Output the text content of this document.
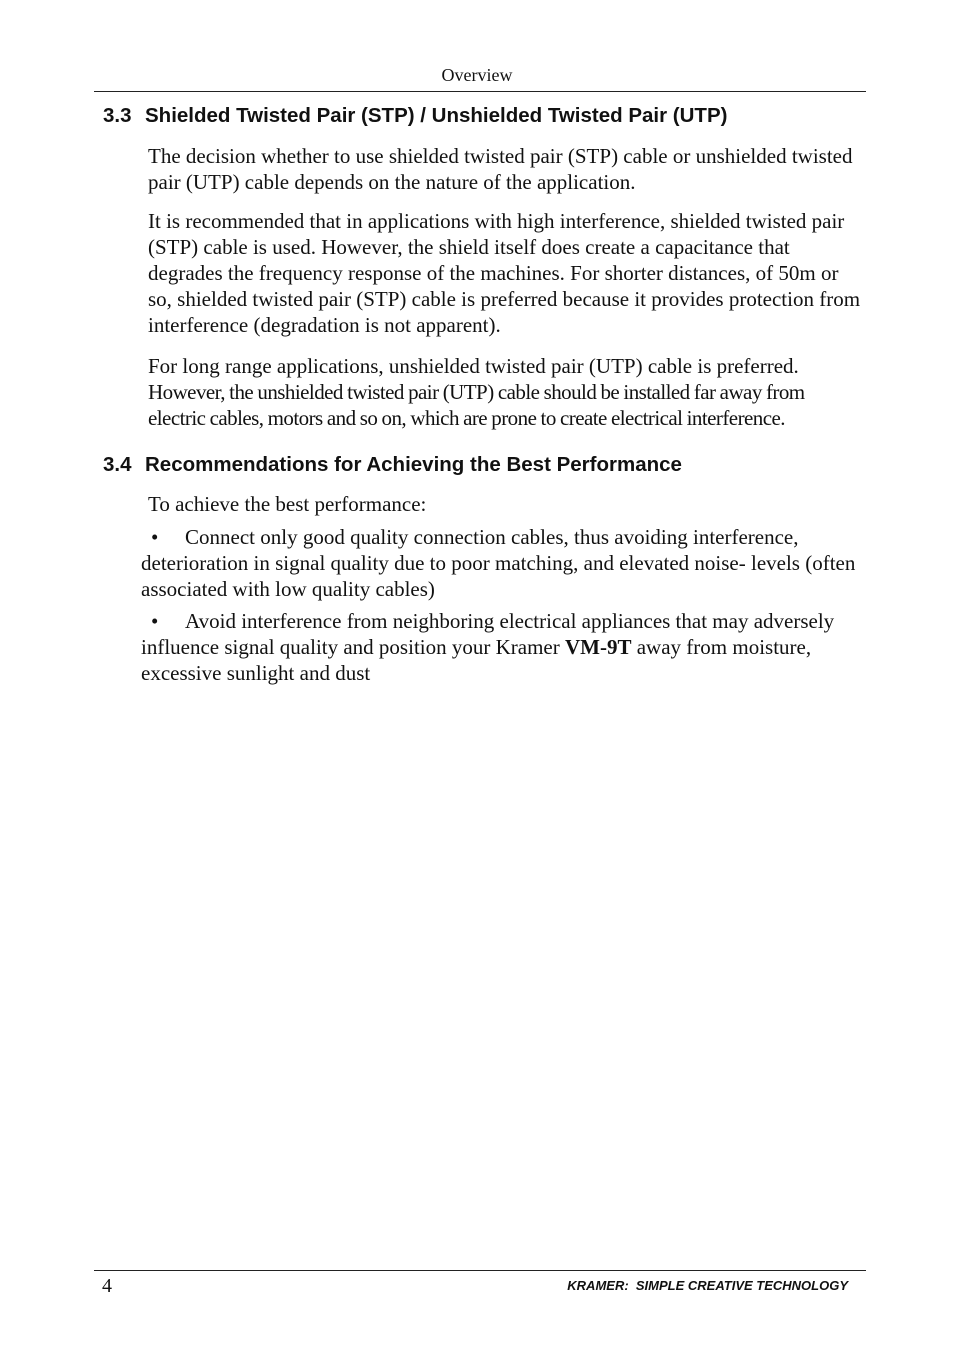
Overview
3.3 Shielded Twisted Pair (STP) / Unshielded Twisted Pair (UTP)

The decision whether to use shielded twisted pair (STP) cable or unshielded twisted pair (UTP) cable depends on the nature of the application.

It is recommended that in applications with high interference, shielded twisted pair (STP) cable is used. However, the shield itself does create a capacitance that degrades the frequency response of the machines. For shorter distances, of 50m or so, shielded twisted pair (STP) cable is preferred because it provides protection from interference (degradation is not apparent).

For long range applications, unshielded twisted pair (UTP) cable is preferred.

However, the unshielded twisted pair (UTP) cable should be installed far away from electric cables, motors and so on, which are prone to create electrical interference.

3.4 Recommendations for Achieving the Best Performance

To achieve the best performance:

• Connect only good quality connection cables, thus avoiding interference, deterioration in signal quality due to poor matching, and elevated noise- levels (often associated with low quality cables)

• Avoid interference from neighboring electrical appliances that may adversely influence signal quality and position your Kramer VM-9T away from moisture, excessive sunlight and dust

4	KRAMER:  SIMPLE CREATIVE TECHNOLOGY
